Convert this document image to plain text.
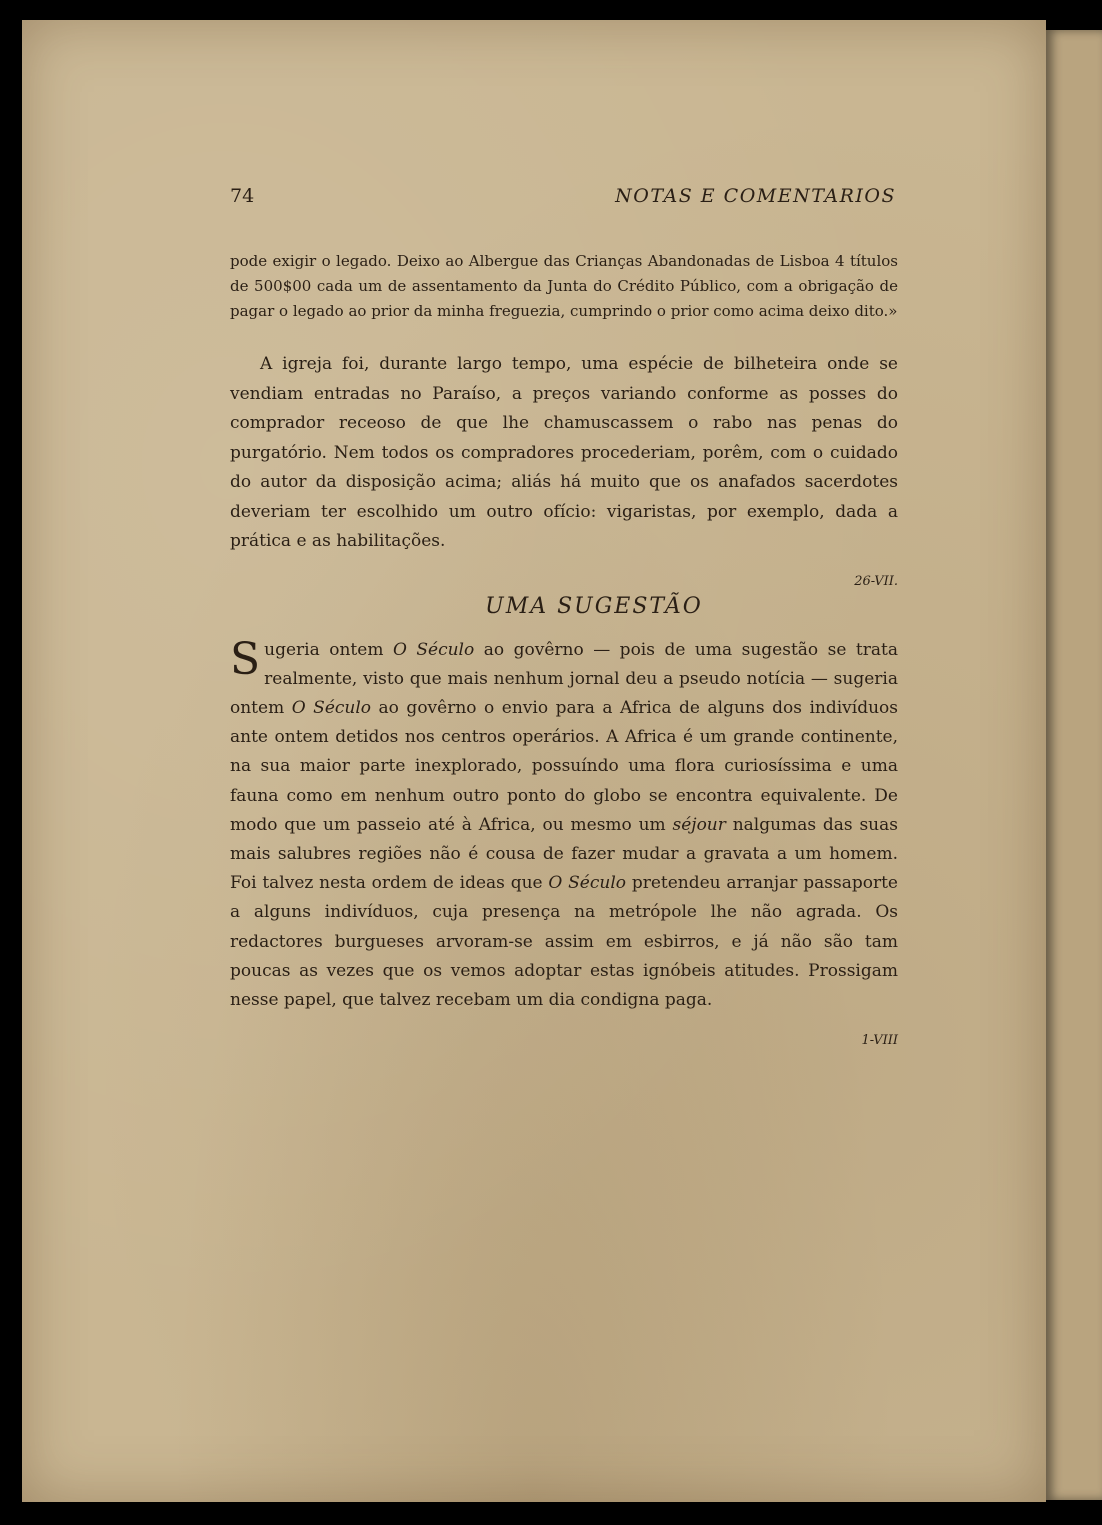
74	NOTAS E COMENTARIOS

pode exigir o legado. Deixo ao Albergue das Crianças Abandonadas de Lisboa 4 títulos de 500$00 cada um de assentamento da Junta do Crédito Público, com a obrigação de pagar o legado ao prior da minha freguezia, cumprindo o prior como acima deixo dito.»

A igreja foi, durante largo tempo, uma espécie de bilheteira onde se vendiam entradas no Paraíso, a preços variando conforme as posses do comprador receoso de que lhe chamuscassem o rabo nas penas do purgatório. Nem todos os compradores procederiam, porêm, com o cuidado do autor da disposição acima; aliás há muito que os anafados sacerdotes deveriam ter escolhido um outro ofício: vigaristas, por exemplo, dada a prática e as habilitações.

26-VII.
UMA SUGESTÃO

Sugeria ontem O Século ao govêrno — pois de uma sugestão se trata realmente, visto que mais nenhum jornal deu a pseudo notícia — sugeria ontem O Século ao govêrno o envio para a Africa de alguns dos indivíduos ante ontem detidos nos centros operários. A Africa é um grande continente, na sua maior parte inexplorado, possuíndo uma flora curiosíssima e uma fauna como em nenhum outro ponto do globo se encontra equivalente. De modo que um passeio até à Africa, ou mesmo um séjour nalgumas das suas mais salubres regiões não é cousa de fazer mudar a gravata a um homem. Foi talvez nesta ordem de ideas que O Século pretendeu arranjar passaporte a alguns indivíduos, cuja presença na metrópole lhe não agrada. Os redactores burgueses arvoram-se assim em esbirros, e já não são tam poucas as vezes que os vemos adoptar estas ignóbeis atitudes. Prossigam nesse papel, que talvez recebam um dia condigna paga.

1-VIII
